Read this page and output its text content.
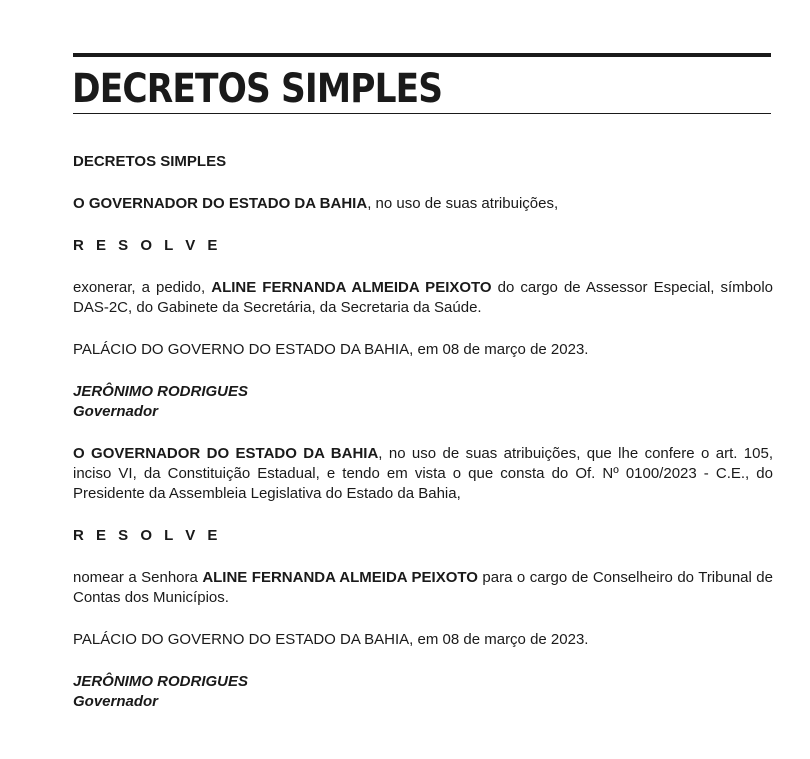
DECRETOS SIMPLES

DECRETOS SIMPLES

O GOVERNADOR DO ESTADO DA BAHIA, no uso de suas atribuições,

R E S O L V E

exonerar, a pedido, ALINE FERNANDA ALMEIDA PEIXOTO do cargo de Assessor Especial, símbolo DAS-2C, do Gabinete da Secretária, da Secretaria da Saúde.

PALÁCIO DO GOVERNO DO ESTADO DA BAHIA, em 08 de março de 2023.

JERÔNIMO RODRIGUES

Governador

O GOVERNADOR DO ESTADO DA BAHIA, no uso de suas atribuições, que lhe confere o art. 105, inciso VI, da Constituição Estadual, e tendo em vista o que consta do Of. Nº 0100/2023 - C.E., do Presidente da Assembleia Legislativa do Estado da Bahia,

R E S O L V E

nomear a Senhora ALINE FERNANDA ALMEIDA PEIXOTO para o cargo de Conselheiro do Tribunal de Contas dos Municípios.

PALÁCIO DO GOVERNO DO ESTADO DA BAHIA, em 08 de março de 2023.

JERÔNIMO RODRIGUES

Governador
